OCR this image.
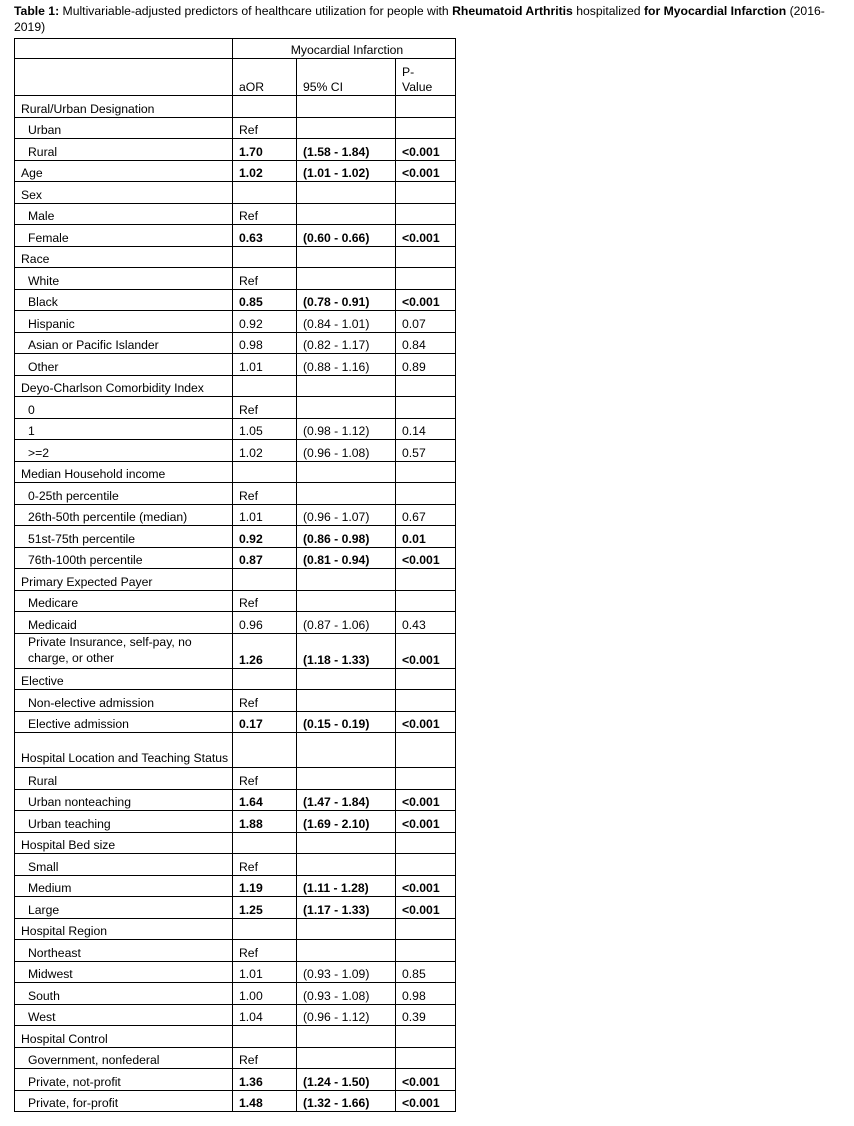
Table 1: Multivariable-adjusted predictors of healthcare utilization for people with Rheumatoid Arthritis hospitalized for Myocardial Infarction (2016-2019)
	Myocardial Infarction		
	aOR	95% CI	P-
Value
Rural/Urban Designation			
Urban	Ref		
Rural	1.70	(1.58 - 1.84)	<0.001
Age	1.02	(1.01 - 1.02)	<0.001
Sex			
Male	Ref		
Female	0.63	(0.60 - 0.66)	<0.001
Race			
White	Ref		
Black	0.85	(0.78 - 0.91)	<0.001
Hispanic	0.92	(0.84 - 1.01)	0.07
Asian or Pacific Islander	0.98	(0.82 - 1.17)	0.84
Other	1.01	(0.88 - 1.16)	0.89
Deyo-Charlson Comorbidity Index			
0	Ref		
1	1.05	(0.98 - 1.12)	0.14
>=2	1.02	(0.96 - 1.08)	0.57
Median Household income			
0-25th percentile	Ref		
26th-50th percentile (median)	1.01	(0.96 - 1.07)	0.67
51st-75th percentile	0.92	(0.86 - 0.98)	0.01
76th-100th percentile	0.87	(0.81 - 0.94)	<0.001
Primary Expected Payer			
Medicare	Ref		
Medicaid	0.96	(0.87 - 1.06)	0.43
Private Insurance, self-pay, no charge, or other	1.26	(1.18 - 1.33)	<0.001
Elective			
Non-elective admission	Ref		
Elective admission	0.17	(0.15 - 0.19)	<0.001
Hospital Location and Teaching Status			
Rural	Ref		
Urban nonteaching	1.64	(1.47 - 1.84)	<0.001
Urban teaching	1.88	(1.69 - 2.10)	<0.001
Hospital Bed size			
Small	Ref		
Medium	1.19	(1.11 - 1.28)	<0.001
Large	1.25	(1.17 - 1.33)	<0.001
Hospital Region			
Northeast	Ref		
Midwest	1.01	(0.93 - 1.09)	0.85
South	1.00	(0.93 - 1.08)	0.98
West	1.04	(0.96 - 1.12)	0.39
Hospital Control			
Government, nonfederal	Ref		
Private, not-profit	1.36	(1.24 - 1.50)	<0.001
Private, for-profit	1.48	(1.32 - 1.66)	<0.001
